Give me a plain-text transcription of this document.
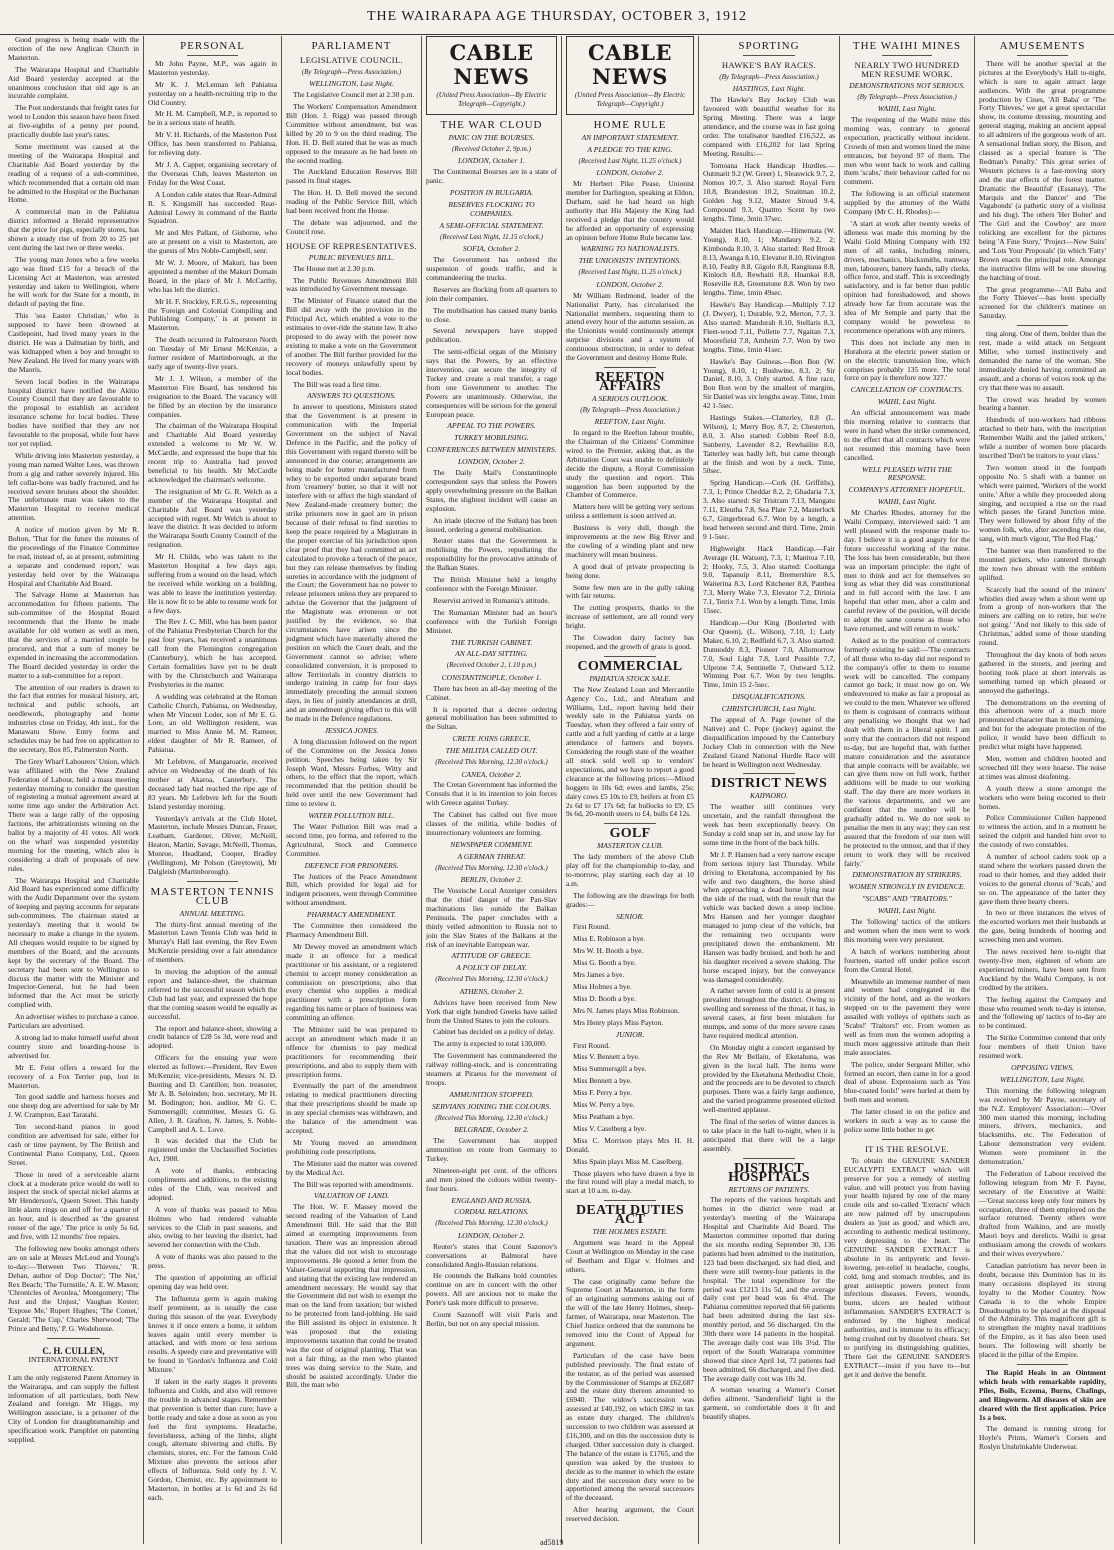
THE WAIRARAPA AGE THURSDAY, OCTOBER 3, 1912

Good progress is being made with the erection of the new Anglican Church in Masterton.

The Wairarapa Hospital and Charitable Aid Board yesterday accepted at the unanimous conclusion that old age is an incurable complaint.

The Post understands that freight rates for wool to London this season have been fixed at five-eighths of a penny per pound, practically double last year's rates.

Some merriment was caused at the meeting of the Wairarapa Hospital and Charitable Aid Board yesterday by the reading of a request of a sub-committee, which recommended that a certain old man be admitted to the Hospital or the Buchanan Home.

A commercial man in the Pahiatua district informed a Herald representative that the price for pigs, especially stores, has shown a steady rise of from 20 to 25 per cent during the last two or three weeks.

The young man Jones who a few weeks ago was fined £15 for a breach of the Licensing Act at Masterton, was arrested yesterday and taken to Wellington, where he will work for the State for a month, in default of paying the fine.

This 'sea Easter Christian,' who is supposed to have been drowned at Castlepoint, had lived many years in the district. He was a Dalmatian by birth, and was kidnapped when a boy and brought to New Zealand. He lived for many years with the Maoris.

Seven local bodies in the Wairarapa hospital district have notified the Akitio County Council that they are favourable to the proposal to establish an accident insurance scheme for local bodies. Three bodies have notified that they are not favourable to the proposal, while four have not yet replied.

While driving into Masterton yesterday, a young man named Walter Lees, was thrown from a gig and rather severely injured. His left collar-bone was badly fractured, and he received severe bruises about the shoulder. The unfortunate man was taken to the Masterton Hospital to receive medical attention.

A notice of motion given by Mr R. Bolton, 'That for the future the minutes of the proceedings of the Finance Committee be read, instead of, as at present, submitting a separate and condensed report,' was yesterday held over by the Wairarapa Hospital and Charitable Aid Board.

The Salvage Home at Masterton has accommodation for fifteen patients. The sub-committee of the Hospital Board recommends that the Home be made available for old women as well as men, that the services of a married couple be procured, and that a sum of money be expended in increasing the accommodation. The Board decided yesterday in order the matter to a sub-committee for a report.

The attention of our readers is drawn to the fact that entries for musical history, art, technical and public schools, art needlework, photography and home industries close on Friday, 4th inst., for the Manawatu Show. Entry forms and schedules may be had free on application to the secretary, Box 85, Palmerston North.

The Grey Wharf Labourers' Union, which was affiliated with the New Zealand Federation of Labour, held a mass meeting yesterday morning to consider the question of registering a mutual agreement award at some time ago under the Arbitration Act. There was a large rally of the opposing factions, the arbitrationists winning on the ballot by a majority of 41 votes. All work on the wharf was suspended yesterday morning for the meeting, which also is considering a draft of proposals of new rules.

The Wairarapa Hospital and Charitable Aid Board has experienced some difficulty with the Audit Department over the system of keeping and paying accounts for separate sub-committees. The chairman stated at yesterday's meeting that it would be necessary to make a change in the system. All cheques would require to be signed by members of the Board, and the accounts kept by the secretary of the Board. The secretary had been sent to Wellington to discuss the matter with the Minister and Inspector-General, but he had been informed that the Act must be strictly complied with.

An advertiser wishes to purchase a canoe. Particulars are advertised.

A strong lad to make himself useful about country store and boarding-house is advertised for.

Mr E. Feist offers a reward for the recovery of a Fox Terrier pup, lost in Masterton.

Ten good saddle and harness horses and one sheep dog are advertised for sale by Mr J. W. Crampton, East Taratahi.

Ten second-hand pianos in good condition are advertised for sale, either for cash or time payment, by The British and Continental Piano Company, Ltd., Queen Street.

Those in need of a serviceable alarm clock at a moderate price would do well to inspect the stock of special nickel alarms at Mr Henderson's, Queen Street. This handy little alarm rings on and off for a quarter of an hour, and is described as 'the greatest rouser of the age.' The price is only 5s 6d, and five, with 12 months' free repairs.

The following new books amongst others are on sale at Messrs McLeod and Young's to-day:—'Between Two Thieves,' 'R. Dehan, author of Dop Doctor'; 'The Net,' Rex Beach; 'The Turnstile,' A. E. W. Mason; 'Chronicles of Avonlea,' Montgomery; 'The Just and the Unjust,' Vaughan Kester; 'Expose Me,' Rupert Hughes; 'The Comet,' Gerald; 'The Cup,' Charles Sherwood; 'The Prince and Betty,' P. G. Wodehouse.

C. H. CULLEN,
INTERNATIONAL PATENT ATTORNEY.

I am the only registered Patent Attorney in the Wairarapa, and can supply the fullest information of all particulars, both New Zealand and foreign. Mr Higgs, my Wellington associate, is a prisoner of the City of London for draughtsmanship and specification work. Pamphlet on patenting supplied.

PERSONAL

Mr John Payne, M.P., was again in Masterton yesterday.

Mr K. J. McLennan left Pahiatua yesterday on a health-recruiting trip to the Old Country.

Mr H. M. Campbell, M.P., is reported to be in a serious state of health.

Mr V. H. Richards, of the Masterton Post Office, has been transferred to Pahiatua, for relieving duty.

Mr J. A. Capper, organising secretary of the Overseas Club, leaves Masterton on Friday for the West Coast.

A London cable states that Rear-Admiral R. S. Kingsmill has succeeded Rear-Admiral Lowry in command of the Battle Squadron.

Mr and Mrs Pallant, of Gisborne, who are at present on a visit to Masterton, are the guests of Mrs Noble-Campbell, senr.

Mr W. J. Moore, of Makuri, has been appointed a member of the Makuri Domain Board, in the place of Mr J. McCarthy, who has left the district.

Mr H. F. Stockley, F.R.G.S., representing the 'Foreign and Colonial Compiling and Publishing Company,' is at present in Masterton.

The death occurred in Palmerston North on Tuesday of Mr Ernest McKenzie, a former resident of Martinborough, at the early age of twenty-five years.

Mr J. J. Wilson, a member of the Masterton Fire Board, has tendered his resignation to the Board. The vacancy will be filled by an election by the insurance companies.

The chairman of the Wairarapa Hospital and Charitable Aid Board yesterday extended a welcome to Mr W. W. McCardle, and expressed the hope that his recent trip to Australia had proved beneficial to his health. Mr McCardle acknowledged the chairman's welcome.

The resignation of Mr G. R. Welch as a member of the Wairarapa Hospital and Charitable Aid Board was yesterday accepted with regret. Mr Welch is about to leave the district. It was decided to inform the Wairarapa South County Council of the resignation.

Mr H. Childs, who was taken to the Masterton Hospital a few days ago, suffering from a wound on the head, which he received while working on a building, was able to leave the institution yesterday. He is now fit to be able to resume work for a few days.

The Rev J. C. Mill, who has been pastor of the Pahiatua Presbyterian Church for the past four years, has received a unanimous call from the Flemington congregation (Canterbury), which he has accepted. Certain formalities have yet to be dealt with by the Christchurch and Wairarapa Presbyteries in the matter.

A wedding was celebrated at the Roman Catholic Church, Pahiatua, on Wednesday, when Mr Vincent Loder, son of Mr E. G. Lore, an old Wellington resident, was married to Miss Annie M. M. Rameer, eldest daughter of Mr R. Rameer, of Pahiatua.

Mr Lefebvre, of Mangaroarie, received advice on Wednesday of the death of his mother at Akaroa, Canterbury. The deceased lady had reached the ripe age of 83 years. Mr Lefebvre left for the South Island yesterday morning.

Yesterday's arrivals at the Club Hotel, Masterton, include Messrs Duncan, Fraser, Leatham, Gardener, Oliver, McNeill, Heaton, Martin, Savage, McNeill, Thomas, Monroe, Headland, Cooper, Bradley (Wellington), Mr Polson (Greytown), Mr Dalgleish (Martinborough).

MASTERTON TENNIS CLUB
ANNUAL MEETING.

The thirty-first annual meeting of the Masterton Lawn Tennis Club was held in Murray's Hall last evening, the Rev Ewen McKenzie presiding over a fair attendance of members.

In moving the adoption of the annual report and balance-sheet, the chairman referred to the successful season which the Club had last year, and expressed the hope that the coming season would be equally as successful.

The report and balance-sheet, showing a credit balance of £28 5s 3d, were read and adopted.

Officers for the ensuing year were elected as follows:—President, Rev Ewen McKenzie; vice-presidents, Messrs N. D. Bunting and D. Cantillon; hon. treasurer, Mr A. B. Seloinden; hon. secretary, Mr H. M. Bodington; hon. auditor, Mr G. C. Summersgill; committee, Messrs G. G. Allen, J. R. Grafton, N. James, S. Noble-Campbell and A. L. Love.

It was decided that the Club be registered under the Unclassified Societies Act, 1908.

A vote of thanks, embracing compliments and additions, to the existing rules of the Club, was received and adopted.

A vote of thanks was passed to Miss Holmes who had rendered valuable services to the Club in past seasons, and also, owing to her leaving the district, had severed her connection with the Club.

A vote of thanks was also passed to the press.

The question of appointing an official opening day was held over.

The Influenza germ is again making itself prominent, as is usually the case during this season of the year. Everybody knows it if once enters a home, it seldom leaves again until every member is attacked, and with more or less serious results. A speedy cure and preventative will be found in 'Gordon's Influenza and Cold Mixture.'

If taken in the early stages it prevents Influenza and Colds, and also will remove the trouble in advanced stages. Remember that prevention is better than cure; have a bottle ready and take a dose as soon as you feel the first symptoms. Headache, feverishness, aching of the limbs, slight cough, alternate shivering and chills. By chemists, stores, etc. For the famous Cold Mixture also prevents the serious after effects of Influenza. Sold only by J. V. Gordon, Chemist, etc. By appointment to Masterton, in bottles at 1s 6d and 2s 6d each.

PARLIAMENT
LEGISLATIVE COUNCIL.
(By Telegraph—Press Association.)
WELLINGTON, Last Night.

The Legislative Council met at 2.30 p.m.

The Workers' Compensation Amendment Bill (Hon. J. Rigg) was passed through Committee without amendment, but was killed by 20 to 9 on the third reading. The Hon. H. D. Bell stated that he was as much opposed to the measure as he had been on the second reading.

The Auckland Education Reserves Bill passed its final stages.

The Hon. H. D. Bell moved the second reading of the Public Service Bill, which had been received from the House.

The debate was adjourned, and the Council rose.

HOUSE OF REPRESENTATIVES.
PUBLIC REVENUES BILL.

The House met at 2.30 p.m.

The Public Revenues Amendment Bill was introduced by Government message.

The Minister of Finance stated that the Bill did away with the provision in the Principal Act, which enabled a vote to the estimates to over-ride the statute law. It also proposed to do away with the power now existing to make a vote on the Government of another. The Bill further provided for the recovery of moneys unlawfully spent by local bodies.

The Bill was read a first time.

ANSWERS TO QUESTIONS.

In answer to questions, Ministers stated that the Government is at present in communication with the Imperial Government on the subject of Naval Defence in the Pacific, and the policy of this Government with regard thereto will be announced in due course; arrangements are being made for butter manufactured from whey to be exported under separate brand from 'creamery' butter, so that it will not interfere with or affect the high standard of New Zealand-made creamery butter; the strike prisoners now in gaol are in prison because of their refusal to find sureties to keep the peace required by a Magistrate in the proper exercise of his jurisdiction upon clear proof that they had committed an act calculated to provoke a breach of the peace, but they can release themselves by finding sureties in accordance with the judgment of the Court; the Government has no power to release prisoners unless they are prepared to advise the Governor that the judgment of the Magistrate was erroneous or not justified by the evidence, so that circumstances have arisen since the judgment which have materially altered the position on which the Court dealt, and the Government cannot so advise; where consolidated conversion, it is proposed to allow Territorials in country districts to undergo training in camp for four days immediately preceding the annual sixteen days, in lieu of jointly attendances at drill, and an amendment giving effect to this will be made in the Defence regulations.

JESSICA JONES.

A long discussion followed on the report of the Committee on the Jessica Jones petition. Speeches being taken by Sir Joseph Ward, Messrs Forbes, Witty and others, to the effect that the report, which recommended that the petition should be held over until the new Government had time to review it.

WATER POLLUTION BILL.

The Water Pollution Bill was read a second time, pro forma, and referred to the Agricultural, Stock and Commerce Committee.

DEFENCE FOR PRISONERS.

The Justices of the Peace Amendment Bill, which provided for legal aid for indigent prisoners, went through Committee without amendment.

PHARMACY AMENDMENT.

The Committee then considered the Pharmacy Amendment Bill.

Mr Dewey moved an amendment which made it an offence for a medical practitioner or his assistant, or a registered chemist to accept money consideration as commission on prescriptions; also that every chemist who supplies a medical practitioner with a prescription form regarding his name or place of business was committing an offence.

The Minister said he was prepared to accept an amendment which made it an offence for chemists to pay medical practitioners for recommending their prescriptions, and also to supply them with prescription forms.

Eventually the part of the amendment relating to medical practitioners directing that their prescriptions should be made up in any special chemists was withdrawn, and the balance of the amendment was accepted.

Mr Young moved an amendment prohibiting code prescriptions.

The Minister said the matter was covered by the Medical Act.

The Bill was reported with amendments.

VALUATION OF LAND.

The Hon. W. F. Massey moved the second reading of the Valuation of Land Amendment Bill. He said that the Bill aimed at exempting improvements from taxation. There was an impression abroad that the values did not wish to encourage improvements. He quoted a letter from the Valuer-General supporting that impression, and stating that the existing law rendered an amendment necessary. He would say that the Government did not wish to exempt the man on the land from taxation; but wished to be protected from land-jobbing. He said the Bill assisted its object in existence. It was proposed that the existing improvements taxation that could be treated was the cost of original planting. That was not a fair thing, as the men who planted trees was doing service to the State, and should be assisted accordingly. Under the Bill, the man who

CABLE NEWS
(United Press Association—By Electric Telegraph—Copyright.)
THE WAR CLOUD
PANIC ON THE BOURSES.
(Received October 2, 9p.m.)
LONDON, October 1.

The Continental Bourses are in a state of panic.

POSITION IN BULGARIA.
RESERVES FLOCKING TO COMPANIES.
A SEMI-OFFICIAL STATEMENT.
(Received Last Night, 11.15 o'clock.)
SOFIA, October 2.

The Government has ordered the suspension of goods traffic, and is commandeering the trucks.

Reserves are flocking from all quarters to join their companies.

The mobilisation has caused many banks to close.

Several newspapers have stopped publication.

The semi-official organ of the Ministry says that the Powers, by an effective intervention, can secure the integrity of Turkey and create a real transfer, a rage from one Government to another. The Powers are unanimously. Otherwise, the consequences will be serious for the general European peace.

APPEAL TO THE POWERS.
TURKEY MOBILISING.
CONFERENCES BETWEEN MINISTERS.
LONDON, October 2.

The Daily Mail's Constantinople correspondent says that unless the Powers apply overwhelming pressure on the Balkan States, the slightest incident will cause an explosion.

An iriade (decree of the Sultan) has been issued, ordering a general mobilisation.

Reuter states that the Government is mobilising the Powers, repudiating the responsibility for the provocative attitude of the Balkan States.

The British Minister held a lengthy conference with the Foreign Minister.

Reservist arrived in Rumania's attitude.

The Rumanian Minister had an hour's conference with the Turkish Foreign Minister.

THE TURKISH CABINET.
AN ALL-DAY SITTING.
(Received October 2, 1.10 p.m.)
CONSTANTINOPLE, October 1.

There has been an all-day meeting of the Cabinet.

It is reported that a decree ordering general mobilisation has been submitted to the Sultan.

CRETE JOINS GREECE.
THE MILITIA CALLED OUT.
(Received This Morning, 12.30 o'clock.)
CANEA, October 2.

The Cretan Government has informed the Consuls that it is its intention to join forces with Greece against Turkey.

The Cabinet has called out five more classes of the militia, while bodies of insurrectionary volunteers are forming.

NEWSPAPER COMMENT.
A GERMAN THREAT.
(Received This Morning, 12.30 o'clock.)
BERLIN, October 2.

The Vossische Local Anzeiger considers that the chief danger of the Pan-Slav machinations lies outside the Balkan Peninsula. The paper concludes with a thinly veiled admonition to Russia not to join the Slav States of the Balkans at the risk of an inevitable European war.

ATTITUDE OF GREECE.
A POLICY OF DELAY.
(Received This Morning, 12.30 o'clock.)
ATHENS, October 2.

Advices have been received from New York that eight hundred Greeks have sailed from the United States to join the colours.

Cabinet has decided on a policy of delay.

The army is expected to total 130,000.

The Government has commandeered the railway rolling-stock, and is concentrating steamers at Piraeus for the movement of troops.

AMMUNITION STOPPED.
SERVIANS JOINING THE COLOURS.
(Received This Morning, 12.30 o'clock.)
BELGRADE, October 2.

The Government has stopped ammunition en route from Germany to Turkey.

Nineteen-eight per cent. of the officers and men joined the colours within twenty-four hours.

ENGLAND AND RUSSIA.
CORDIAL RELATIONS.
(Received This Morning, 12.30 o'clock.)
LONDON, October 2.

Reuter's states that Count Sazonov's conversations at Balmoral have consolidated Anglo-Russian relations.

He contends the Balkans hold countries continue on are in concert with the other powers. All are anxious not to make the Porte's task more difficult to preserve.

Count Sazonoff will visit Paris and Berlin, but not on any special mission.

CABLE NEWS
(United Press Association—By Electric Telegraph—Copyright.)
HOME RULE
AN IMPORTANT STATEMENT.
A PLEDGE TO THE KING.
(Received Last Night, 11.25 o'clock.)
LONDON, October 2.

Mr Herbert Pike Pease, Unionist member for Darlington, speaking at Eldon, Durham, said he had heard on high authority that His Majesty the King had received a pledge that the country would be afforded an opportunity of expressing an opinion before Home Rule became law.

WARNING TO NATIONALISTS.
THE UNIONISTS' INTENTIONS.
(Received Last Night, 11.25 o'clock.)
LONDON, October 2.

Mr William Redmond, leader of the Nationalist Party, has circularised the Nationalist members, requesting them to attend every hour of the autumn session, as the Unionists would continuously attempt surprise divisions and a system of continuous obstruction, in order to defeat the Government and destroy Home Rule.

REEFTON AFFAIRS
A SERIOUS OUTLOOK.
(By Telegraph—Press Association.)
REEFTON, Last Night.

In regard to the Reefton labour trouble, the Chairman of the Citizens' Committee wired to the Premier, asking that, as the Arbitration Court was unable to definitely decide the dispute, a Royal Commission study the question and report. This suggestion has been supported by the Chamber of Commerce.

Matters here will be getting very serious unless a settlement is soon arrived at.

Business is very dull, though the improvements at the new Big River and the cowling of a winding plant and new machinery will mean business.

A good deal of private prospecting is being done.

Some few men are in the gully raking with fair returns.

The cutting prospects, thanks to the increase of settlement, are all round very bright.

The Cowadon dairy factory has reopened, and the growth of grass is good.

COMMERCIAL
PAHIATUA STOCK SALE.

The New Zealand Loan and Mercantile Agency Co., Ltd., and Abraham and Williams, Ltd., report having held their weekly sale in the Pahiatua yards on Tuesday, when they offered a fair entry of cattle and a full yarding of cattle at a large attendance of farmers and buyers. Considering the rough state of the weather all stock sold well up to vendors' expectations, and we have to report a good clearance at the following prices:—Mixed hoggets in 10s 6d; ewes and lambs, 25s; dairy cows £5 10s to £9, heifers at from £5 2s 6d to £7 17s 6d; fat bullocks to £9; £5 9s 6d, 20-month steers to £4, bulls £4 12s.

GOLF
MASTERTON CLUB.

The lady members of the above Club play off for the championship to-day, and to-morrow, play starting each day at 10 a.m.

The following are the drawings for both grades:—

SENIOR.

First Round.

Miss E. Robinson a bye.

Mrs W. H. Booth a bye.

Miss G. Booth a bye.

Mrs James a bye.

Miss Holmes a bye.

Miss D. Booth a bye.

Mrs N. James plays Miss Robinson.

Mrs Henry plays Miss Payton.

JUNIOR.

First Round.

Miss V. Bennett a bye.

Miss Summersgill a bye.

Miss Bennett a bye.

Miss F. Perry a bye.

Miss W. Perry a bye.

Miss Peatham a bye.

Miss V. Caselberg a bye.

Miss C. Morrison plays Mrs H. H. Donald.

Miss Spain plays Miss M. Caselberg.

Those players who have drawn a bye in the first round will play a medal match, to start at 10 a.m. to-day.

DEATH DUTIES ACT
THE HOLMES ESTATE.

Argument was heard in the Appeal Court at Wellington on Monday in the case of Beetham and Elgar v. Holmes and others.

The case originally came before the Supreme Court at Masterton, in the form of an originating summons asking out of the will of the late Henry Holmes, sheep-farmer, of Wairarapa, near Masterton. The Chief Justice ordered that the summons be removed into the Court of Appeal for argument.

Particulars of the case have been published previously. The final estate of the testator, as of the period was assessed by the Commissioner of Stamps at £62,687 and the estate duty thereon amounted to £6940. The widow's succession was assessed at £40,192, on which £862 in tax as estate duty charged. The children's succession to two children was assessed at £16,300, and on this the succession duty is charged. Other succession duty is charged. The balance of the estate is £1765, and the question was asked by the trustees to decide as to the manner in which the estate duty and the succession duty were to be apportioned among the several successors of the deceased.

After hearing argument, the Court reserved decision.

SPORTING
HAWKE'S BAY RACES.
(By Telegraph—Press Association.)
HASTINGS, Last Night.

The Hawke's Bay Jockey Club was favoured with beautiful weather for its Spring Meeting. There was a large attendance, and the course was in fast going order. The totalisator handled £16,522, as compared with £16,202 for last Spring Meeting. Results:—

Tomoana Hack Handicap Hurdles.—Outmarit 9.2 (W. Greer) 1, Sleaswick 9.7, 2, Nomos 10.7, 3. Also started: Royal Fern 10.8, Brandeston 10.2, Straitman 10.2, Golden Jug 9.12, Master Stroud 9.4, Compound 9.3, Quattro Scent by two lengths. Time, 3min 37sec.

Maiden Hack Handicap.—Himemata (W. Young), 8.10, 1; Mandaury 9.2, 2; Kimbonda 8.10, 3. Also started: Red Brook 8.13, Awanga 8.10, Elevator 8.10, Rivington 8.10, Fealty 8.8, Gigolo 8.8, Rangitaua 8.8, Kinloch 8.8, Rewhaiti 8.8, Huankai 8.8, Roseville 8.8, Greenstone 8.8. Won by two lengths. Time, 1min 49sec.

Hawke's Bay Handicap.—Multiply 7.12 (J. Dwyer), 1; Durable, 9.2, Merton, 7.7, 3. Also started: Mandurah 8.10, Stellaris 8.3, Fleet-wood 7.11, Pollette 7.7, Ngaitan 7.3, Moorefield 7.8, Arnheim 7.7. Won by two lengths. Time, 1min 41sec.

Hawke's Bay Guineas.—Bon Bon (W. Young), 8.10, 1; Bushwine, 8.3, 2; Sir Daniel, 8.10, 3. Only started. A fine race, Bon Bon won by the smallest of margins, Sir Daniel was six lengths away. Time, 1min 42 1-5sec.

Hastings Stakes.—Clatterley, 8.8 (L. Wilson), 1; Merry Boy, 8.7, 2; Chesterton, 8.0, 3. Also started: Cobbin Reef 8.0, Sunberry, Lavender 8.2, Rewhailite 8.0, Tatterley was badly left, but came through at the finish and won by a neck. Time, 50sec.

Spring Handicap.—Cork (H. Griffiths), 7.3, 1; Prince Cheddar 8.2, 2; Ghadaria 7.3, 3. Also started: Sir Tristram 7.13, Mangatu 7.11, Eleutha 7.8, Sea Plate 7.2, Masterlock 6.7, Gingerbread 6.7. Won by a length, a head between second and third. Time, 2min 9 1-5sec.

Highweight Hack Handicap.—Fair Average (H. Watson), 7.3, 1; Manitoa 7.10, 2; Hooky, 7.5, 3. Also started: Cooltanga 9.0, Tapanuip 8.11, Bremershire 8.5, Waiterina 8.3, Lord Kitchener 8.8, Panthea 7.3, Merry Wake 7.3, Elevator 7.2, Dirinia 7.1, Tetrix 7.1. Won by a length. Time, 1min 15sec.

Handicap.—Our King (Bonlerted with Our Queen), (L. Wilson), 7.10, 1; Lady Maker, 6.10, 2; Redfield 6.7, 3. Also started: Dunnoddy 8.3, Pioneer 7.0, Allomorrow 7.0, Soul Light 7.8, Lord Possible 7.7, Ulprone 7.4, Sentinelle 7, Outward 5.12. Winning Post 6.7. Won by two lengths. Time, 1min 15 2-5sec.

DISQUALIFICATIONS.
CHRISTCHURCH, Last Night.

The appeal of A. Page (owner of the Native) and C. Pope (jockey) against the disqualification imposed by the Canterbury Jockey Club in connection with the New Zealand Grand National Hurdle Race will be heard in Wellington next Wednesday.

DISTRICT NEWS
KAIPAORO.

The weather still continues very uncertain, and the rainfall throughout the week has been exceptionally heavy. On Sunday a cold snap set in, and snow lay for some time in the front of the back hills.

Mr J. P. Hansen had a very narrow escape from serious injury last Thursday. While driving to Eketahuna, accompanied by his wife and two daughters, the horse shied when approaching a dead horse lying near the side of the road, with the result that the vehicle was backed down a steep incline. Mrs Hansen and her younger daughter managed to jump clear of the vehicle, but the remaining two occupants were precipitated down the embankment. Mr Hansen was badly bruised, and both he and his daughter received a severe shaking. The horse escaped injury, but the conveyance was damaged considerably.

A rather severe form of cold is at present prevalent throughout the district. Owing to swelling and soreness of the throat, it has, in several cases, at first been mistaken for mumps, and some of the more severe cases have required medical attention.

On Monday night a concert organised by the Rev Mr Bellain, of Eketahuna, was given in the local hall. The items were provided by the Eketahuna Methodist Choir, and the proceeds are to be devoted to church purposes. There was a fairly large audience, and the varied programme presented elicited well-merited applause.

The final of the series of winter dances is to take place in the hall to-night, when it is anticipated that there will be a large assembly.

DISTRICT HOSPITALS
RETURNS OF PATIENTS.

The reports of the various hospitals and homes in the district were read at yesterday's meeting of the Wairarapa Hospital and Charitable Aid Board. The Masterton committee reported that during the six months ending September 30, 136 patients had been admitted to the institution, 123 had been discharged, six had died, and there were still twenty-four patients in the hospital. The total expenditure for the period was £1213 11s 5d, and the average daily cost per head was 6s 4½d. The Pahiatua committee reported that 66 patients had been admitted during the last six-monthly period, and 56 discharged. On the 30th there were 14 patients in the hospital. The average daily cost was 10s 3½d. The report of the South Wairarapa committee showed that since April 1st, 72 patients had been admitted, 66 discharged, and five died. The average daily cost was 10s 3d.

A woman wearing a Warner's Corset defies ailment. 'Sandersfield' light is the garment, so comfortable does it fit and beautify shapes.

THE WAIHI MINES
NEARLY TWO HUNDRED MEN RESUME WORK.
DEMONSTRATIONS NOT SERIOUS.
(By Telegraph—Press Association.)
WAIHI, Last Night.

The reopening of the Waihi mine this morning was, contrary to general expectation, practically without incident. Crowds of men and women lined the mine entrances, but beyond 97 of them. The men who went back to work and calling them 'scabs,' their behaviour called for no comment.

The following is an official statement supplied by the attorney of the Waihi Company (Mr C. H. Rhodes):—

'A start at work after twenty weeks of idleness was made this morning by the Waihi Gold Mining Company with 192 men of all ranks, including miners, drivers, mechanics, blacksmiths, tramway men, labourers, battery hands, tally clerks, office force, and staff. This is exceedingly satisfactory, and is far better than public opinion had foreshadowed, and shows already how far from accurate was the idea of Mr Semple and party that the company would be powerless to recommence operations with any miners.

This does not include any men in Horahora at the electric power station or on the electric transmission line, which comprises probably 135 more. The total force on pay is therefore now 327.'

CANCELLATION OF CONTRACTS.
WAIHI, Last Night.

An official announcement was made this morning relative to contracts that were in hand when the strike commenced, to the effect that all contracts which were not resumed this morning have been cancelled.

WELL PLEASED WITH THE RESPONSE.
COMPANY'S ATTORNEY HOPEFUL.
WAIHI, Last Night.

Mr Charles Rhodes, attorney for the Waihi Company, interviewed said: 'I am well pleased with the response made to-day. I believe it is a good augury for the future successful working of the mine. The loss has been considerable, but there was an important principle: the right of men to think and act for themselves so long as what they did was constitutional and in full accord with the law. I am hopeful that other men, after a calm and careful review of the position, will decide to adopt the same course as those who have returned, and will return to work.'

Asked as to the position of contractors formerly existing he said:—'The contracts of all those who to-day did not respond to the company's offer to them to resume work will be cancelled. The company cannot go back; it must now go on. We endeavoured to make as fair a proposal as we could to the men. Whatever we offered to them is cognisant of contracts without any penalising we thought that we had dealt with them in a liberal spirit. I am sorry that the contractors did not respond to-day, but are hopeful that, with further mature consideration and the assurance that ample contracts will be available, we can give them now on full work, further additions will be made to our working staff. The day there are more workers in the various departments, and we are confident that the number will be gradually added to. We do not seek to penalise the men in any way; they can rest assured that the freedom of our men will be protected to the utmost, and that if they return to work they will be received fairly.'

DEMONSTRATION BY STRIKERS.
WOMEN STRONGLY IN EVIDENCE.
"SCABS" AND "TRAITORS."
WAIHI, Last Night.

The 'following' tactics of the strikers and women when the men went to work this morning were very persistent.

A batch of workers numbering about fourteen, started off under police escort from the Central Hotel.

Meanwhile an immense number of men and women had congregated in the vicinity of the hotel, and as the workers stepped on to the pavement they were assailed with volleys of epithets such as 'Scabs!' 'Traitors!' etc. From women as well as from men the women adopting a much more aggressive attitude than their male associates.

The police, under Sergeant Miller, who formed an escort, then came in for a good deal of abuse. Expressions such as 'You blue-coated fools!' were hurled at them by both men and women.

The latter closed in on the police and workers in such a way as to cause the police some little bother to get

IT IS THE RESOLVE.

To obtain the GENUINE SANDER EUCALYPTI EXTRACT which will preserve for you a remedy of sterling value, and will protect you from having your health injured by one of the many crude oils and so-called 'Extracts' which are now palmed off by unscrupulous dealers as 'just as good,' and which are, according to authentic medical testimony, very depressing to the heart. The GENUINE SANDER EXTRACT is absolute in its antipyretic and fever-lowering, pre-relief in headache, coughs, cold, lung and stomach troubles, and its great antiseptic powers protect from infectious diseases. Fevers, wounds, burns, ulcers are healed without inflammation. SANDER'S EXTRACT is endorsed by the highest medical authorities, and is immune to its efficacy; being crushed out by dissolved cheats. Set to purifying its distinguishing qualities, There Get the GENUINE SANDER'S EXTRACT—insist if you have to—but get it and derive the benefit.

AMUSEMENTS

There will be another special at the pictures at the Everybody's Hall to-night, which is sure to again attract large audiences. With the great programme production by Cines, 'All Baba' or 'The Forty Thieves,' we get a great spectacular show, its costume dressing, mounting and general staging, making an ancient appeal to all admirers of the gorgeous work of art. A sensational Indian story, the Bison, and classed as a special feature is 'The Redman's Penalty.' This great series of Western pictures is a fast-moving story and the star effects of the forest matter. Dramatic the Beautiful' (Essanay), 'The Marquis and the Dancer' and 'The Vagabonds' (a pathetic story of a violinist and his dog). The others 'Her Bolter' and 'The Girl and the Cowboy' are more rolicking are excellent for the pictures being 'A Fine Story,' 'Project—New Suits' and 'Lots Your Proposals' (in which 'Fatty' Brown enacts the principal role. Amongst the instructive films will be one showing the hatching of trout.

The great programme—'All Baba and the Forty Thieves'—has been specially screened for the children's matinee on Saturday.

ting along. One of them, bolder than the rest, made a wild attack on Sergeant Miller, who turned instinctively and demanded the name of the woman. She immediately denied having committed an assault, and a chorus of voices took up the cry that there was no assault.

The crowd was headed by women bearing a banner.

Hundreds of non-workers had ribbons attached to their hats, with the inscription 'Remember Waihi and the jailed strikers,' while a number of women bore placards inscribed 'Don't be traitors to your class.'

Two women stood in the footpath opposite No. 5 shaft with a banner on which were painted, 'Workers of the world unite.' After a while they proceeded along singing, and occupied a rise on the road which passes the Grand Junction mine. They were followed by about fifty of the women folk, who, after ascending the rise, sang, with much vigour, 'The Red Flag.'

The banner was then transferred to the mounted pickets, who cantered through the town two abreast with the emblem uplifted.

Scarcely had the sound of the miners' whistles died away when a shout went up from a group of non-workers that 'the miners are calling on to retire, but we're not going.' 'And not likely to this side of Christmas,' added some of those standing round.

Throughout the day knots of both sexes gathered in the streets, and jeering and hooting took place at short intervals as something turned up which pleased or annoyed the gatherings.

The demonstrations on the evening of this afternoon were of a much more pronounced character than in the morning, and but for the adequate protection of the police, it would have been difficult to predict what might have happened.

Men, women and children hooted and screeched till they were hoarse. The noise at times was almost deafening.

A youth threw a stone amongst the workers who were being escorted to their homes.

Police Commissioner Cullen happened to witness the action, and in a moment he seized the culprit and handed him over to the custody of two constables.

A number of school cadets took up a stand where the workers passed down the road to their homes, and they added their voices to the general chorus of 'Scab,' and so on. The appearance of the latter they gave them three hearty cheers.

In two or three instances the wives of the escorted workers met their husbands at the gate, being hundreds of hooting and screeching men and women.

The news received here to-night that twenty-five men, eighteen of whom are experienced miners, have been sent from Auckland by the Waihi Company, is not credited by the strikers.

The feeling against the Company and those who resumed work to-day is intense, and the 'following up' tactics of to-day are to be continued.

The Strike Committee contend that only four members of their Union have resumed work.

OPPOSING VIEWS.
WELLINGTON, Last Night.

This morning the following telegram was received by Mr Payne, secretary of the N.Z. Employers' Association:—'Over 300 men started this morning, including miners, drivers, mechanics, and blacksmiths, etc. The Federation of Labour demonstration very evident. Women were prominent in the demonstration.'

The Federation of Labour received the following telegram from Mr F. Payne, secretary of the Executive at Waihi:—'Great success keep only four miners by occupation, three of them employed on the surface returned. Twenty others were drafted from Waikino, and are mostly Maori boys and derelicts. Waihi is great enthusiasm among the crowds of workers and their wives everywhere.'

Canadian patriotism has never been in doubt, because this Dominion has in its many occasions displayed its strong loyalty to the Mother Country. Now Canada is to the whole Empire Dreadnoughts to be placed at the disposal of the Admiralty. This magnificent gift is to strengthen the mighty naval traditions of the Empire, as it has also been used hours. The following will shortly be placed in the pillar of the Empire.

The Rapid Heals in an Ointment which heals with remarkable rapidity, Piles, Boils, Eczema, Burns, Chafings, and Ringworm. All diseases of skin are cleared with the first application. Price 1s a box.

The demand is running strong for Hoyle's Prints, Warner's Corsets and Roslyn Unshrinkable Underwear.

ad5819
